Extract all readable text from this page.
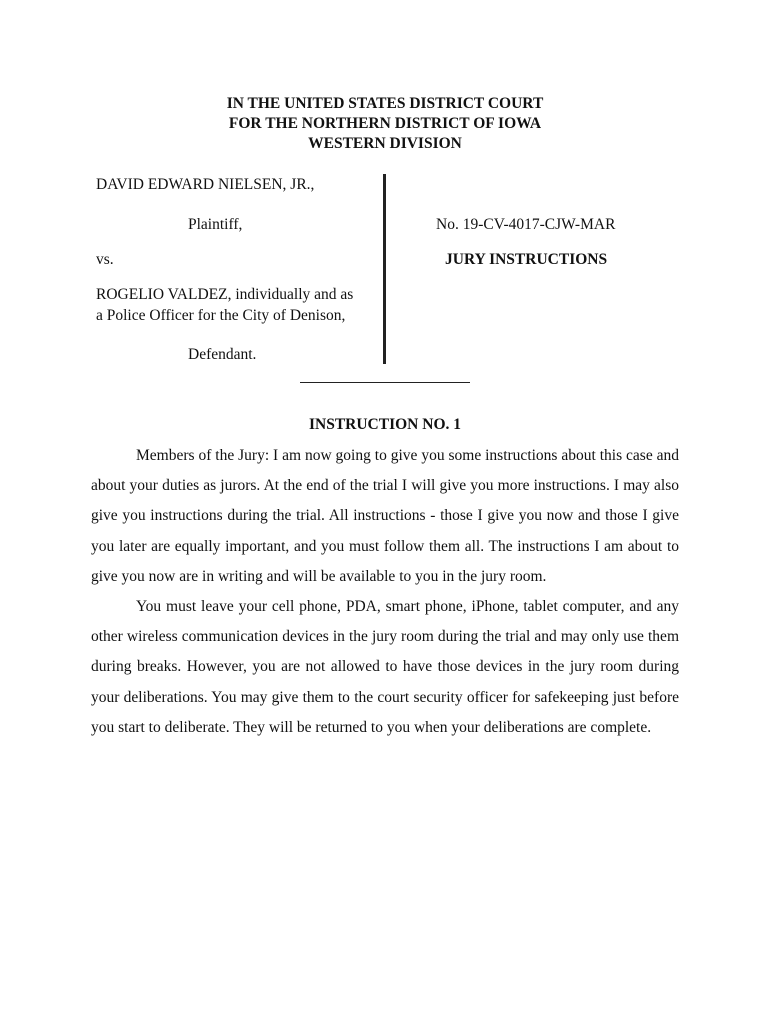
IN THE UNITED STATES DISTRICT COURT
FOR THE NORTHERN DISTRICT OF IOWA
WESTERN DIVISION
DAVID EDWARD NIELSEN, JR.,
Plaintiff,
vs.
ROGELIO VALDEZ, individually and as
a Police Officer for the City of Denison,
Defendant.
No. 19-CV-4017-CJW-MAR
JURY INSTRUCTIONS
INSTRUCTION NO. 1

Members of the Jury: I am now going to give you some instructions about this case and about your duties as jurors. At the end of the trial I will give you more instructions. I may also give you instructions during the trial. All instructions - those I give you now and those I give you later are equally important, and you must follow them all. The instructions I am about to give you now are in writing and will be available to you in the jury room.

You must leave your cell phone, PDA, smart phone, iPhone, tablet computer, and any other wireless communication devices in the jury room during the trial and may only use them during breaks. However, you are not allowed to have those devices in the jury room during your deliberations. You may give them to the court security officer for safekeeping just before you start to deliberate. They will be returned to you when your deliberations are complete.
